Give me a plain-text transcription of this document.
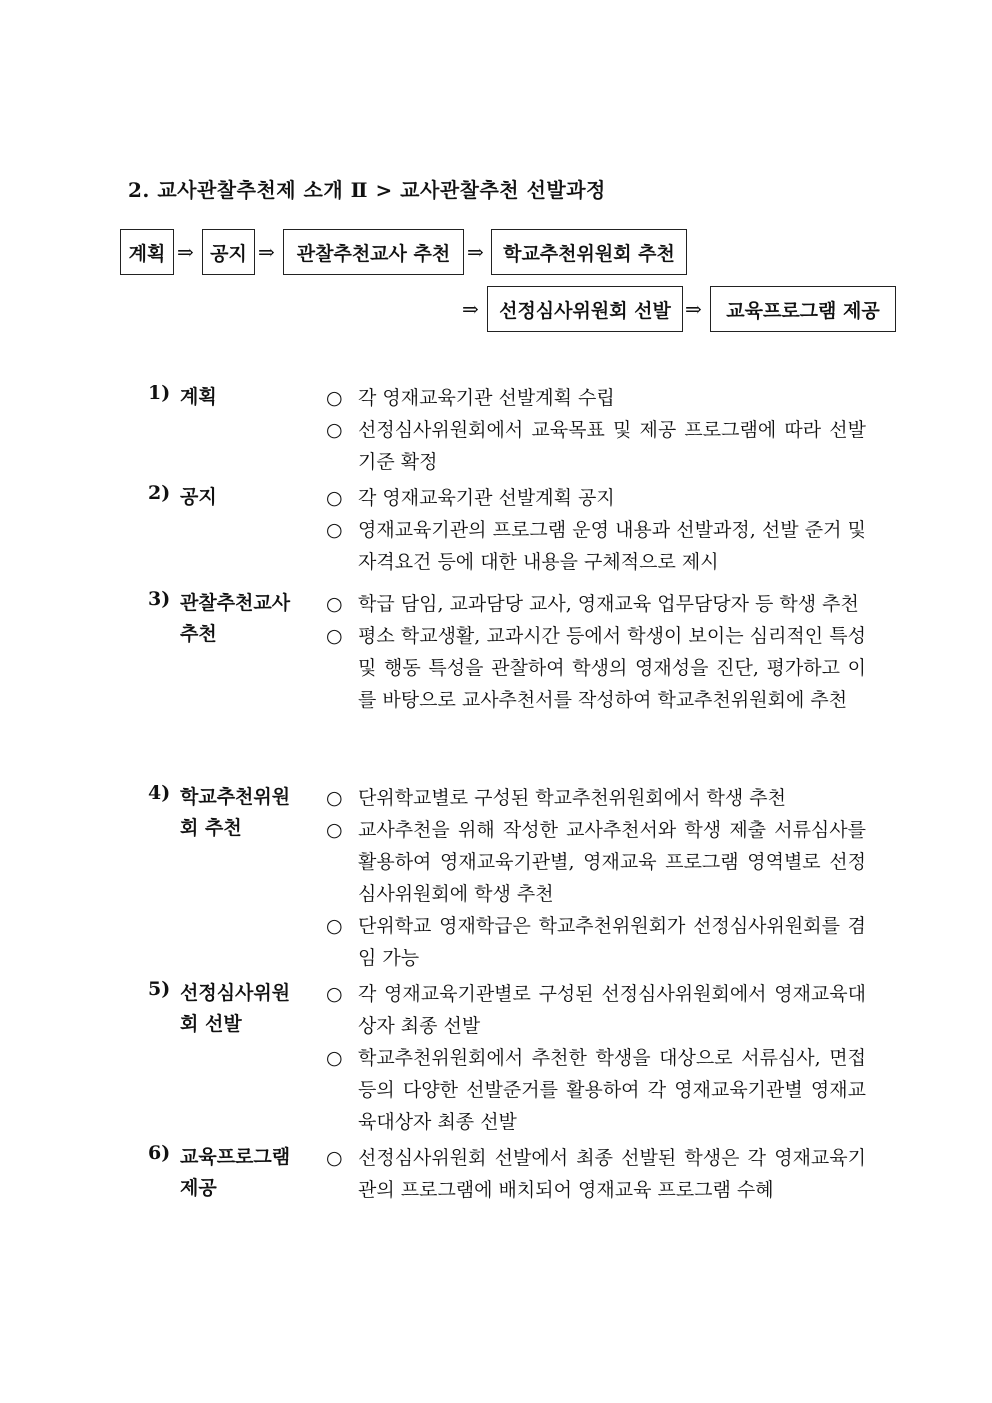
2. 교사관찰추천제 소개 Ⅱ > 교사관찰추천 선발과정
계획 ⇒ 공지 ⇒	관찰추천교사 추천 ⇒	학교추천위원회 추천
⇒	선정심사위원회 선발 ⇒	교육프로그램 제공
1) 계획	○ 각 영재교육기관 선발계획 수립
○ 선정심사위원회에서 교육목표 및 제공 프로그램에 따라 선발기준 확정
2) 공지	○ 각 영재교육기관 선발계획 공지
○ 영재교육기관의 프로그램 운영 내용과 선발과정, 선발 준거 및 자격요건 등에 대한 내용을 구체적으로 제시
3) 관찰추천교사 추천
○ 학급 담임, 교과담당 교사, 영재교육 업무담당자 등 학생 추천
○ 평소 학교생활, 교과시간 등에서 학생이 보이는 심리적인 특성 및 행동 특성을 관찰하여 학생의 영재성을 진단, 평가하고 이를 바탕으로 교사추천서를 작성하여 학교추천위원회에 추천
4) 학교추천위원회 추천
○ 단위학교별로 구성된 학교추천위원회에서 학생 추천
○ 교사추천을 위해 작성한 교사추천서와 학생 제출 서류심사를 활용하여 영재교육기관별, 영재교육 프로그램 영역별로 선정심사위원회에 학생 추천
○ 단위학교 영재학급은 학교추천위원회가 선정심사위원회를 겸임 가능
5) 선정심사위원회 선발
○ 각 영재교육기관별로 구성된 선정심사위원회에서 영재교육대상자 최종 선발
○ 학교추천위원회에서 추천한 학생을 대상으로 서류심사, 면접 등의 다양한 선발준거를 활용하여 각 영재교육기관별 영재교육대상자 최종 선발
6) 교육프로그램 제공
○ 선정심사위원회 선발에서 최종 선발된 학생은 각 영재교육기관의 프로그램에 배치되어 영재교육 프로그램 수혜
